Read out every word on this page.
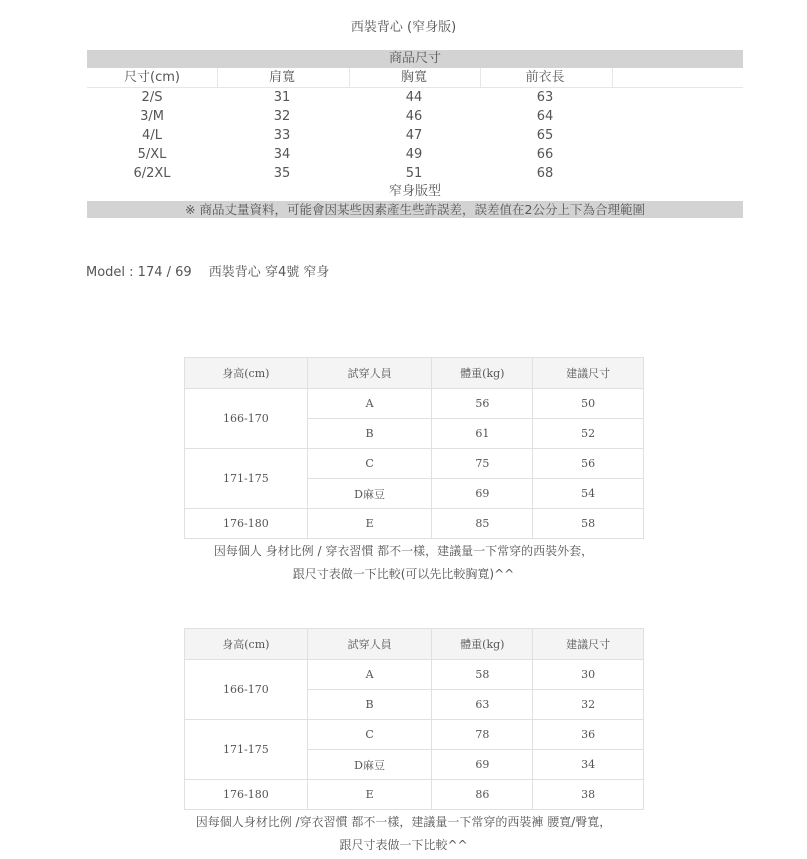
西裝背心 (窄身版)
商品尺寸
尺寸(cm)	肩寬	胸寬	前衣長
2/S	31	44	63
3/M	32	46	64
4/L	33	47	65
5/XL	34	49	66
6/2XL	35	51	68
窄身版型
※ 商品丈量資料，可能會因某些因素產生些許誤差，誤差值在2公分上下為合理範圍
Model : 174 / 69　 西裝背心 穿4號 窄身
身高(cm)	試穿人員	體重(kg)	建議尺寸
166-170	A	56	50
	B	61	52
171-175	C	75	56
	D麻豆	69	54
176-180	E	85	58
因每個人 身材比例 / 穿衣習慣 都不一樣，建議量一下常穿的西裝外套，
跟尺寸表做一下比較(可以先比較胸寬)^^
身高(cm)	試穿人員	體重(kg)	建議尺寸
166-170	A	58	30
	B	63	32
171-175	C	78	36
	D麻豆	69	34
176-180	E	86	38
因每個人身材比例 /穿衣習慣 都不一樣，建議量一下常穿的西裝褲 腰寬/臀寬，
跟尺寸表做一下比較^^
